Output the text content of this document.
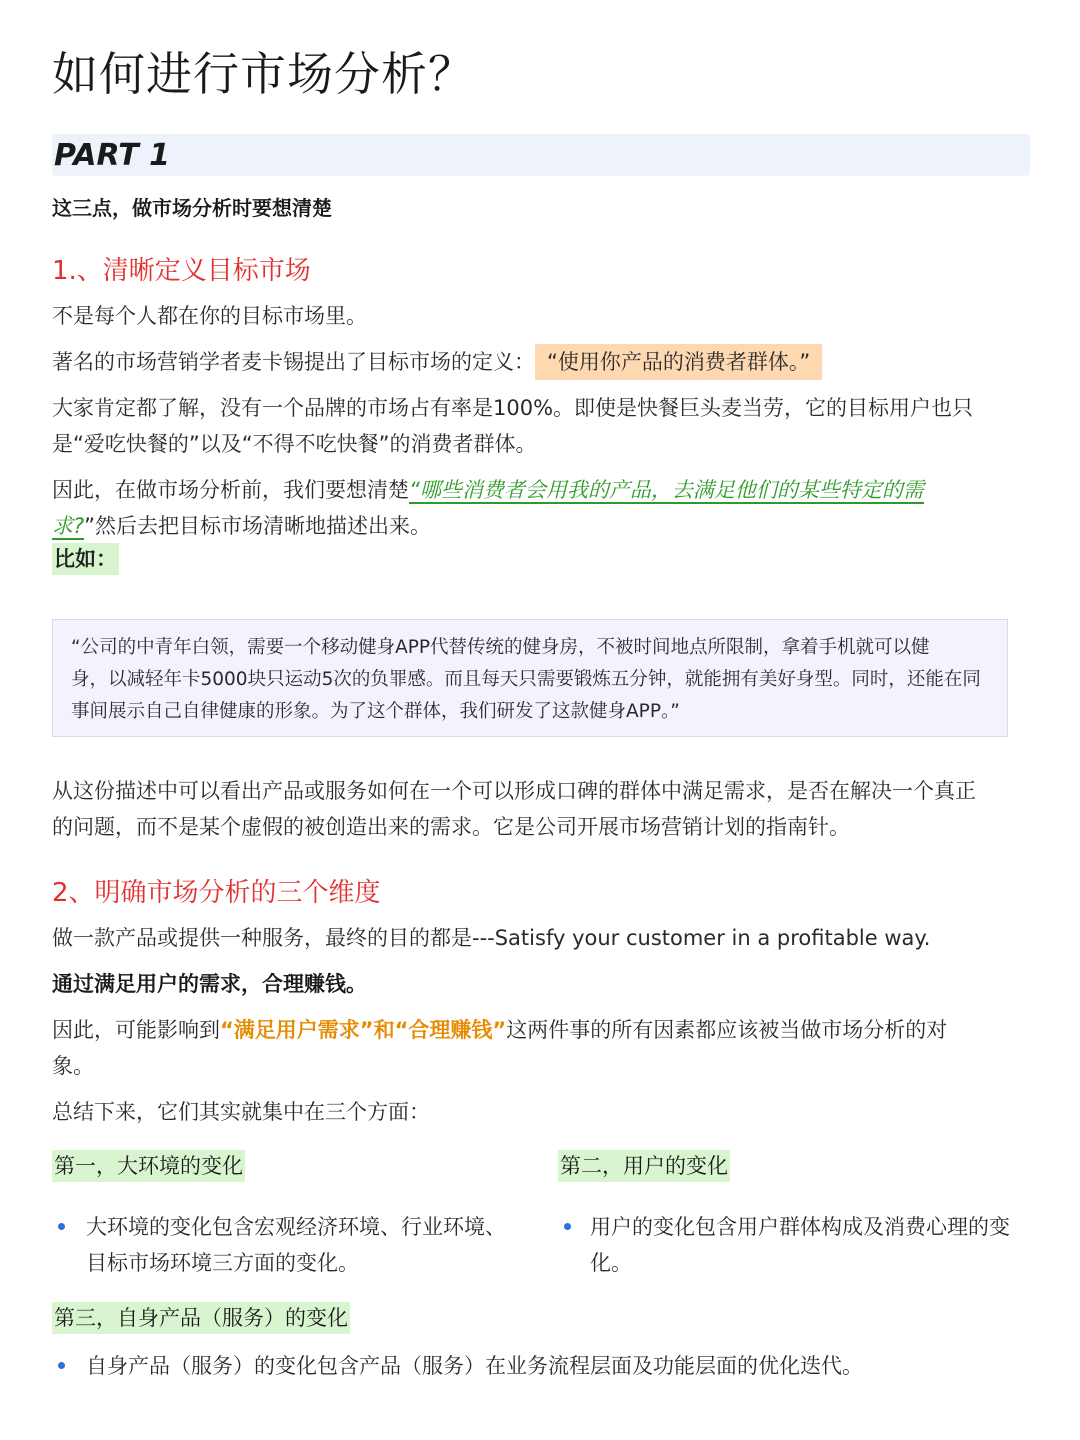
如何进行市场分析？
PART 1
这三点，做市场分析时要想清楚
1.、清晰定义目标市场
不是每个人都在你的目标市场里。
著名的市场营销学者麦卡锡提出了目标市场的定义： “使用你产品的消费者群体。”
大家肯定都了解，没有一个品牌的市场占有率是100%。即使是快餐巨头麦当劳，它的目标用户也只
是“爱吃快餐的”以及“不得不吃快餐”的消费者群体。
因此，在做市场分析前，我们要想清楚“哪些消费者会用我的产品，去满足他们的某些特定的需
求?”然后去把目标市场清晰地描述出来。
比如：
“公司的中青年白领，需要一个移动健身APP代替传统的健身房，不被时间地点所限制，拿着手机就可以健
身，以减轻年卡5000块只运动5次的负罪感。而且每天只需要锻炼五分钟，就能拥有美好身型。同时，还能在同
事间展示自己自律健康的形象。为了这个群体，我们研发了这款健身APP。”
从这份描述中可以看出产品或服务如何在一个可以形成口碑的群体中满足需求，是否在解决一个真正
的问题，而不是某个虚假的被创造出来的需求。它是公司开展市场营销计划的指南针。
2、明确市场分析的三个维度
做一款产品或提供一种服务，最终的目的都是---Satisfy your customer in a profitable way.
通过满足用户的需求，合理赚钱。
因此，可能影响到“满足用户需求”和“合理赚钱”这两件事的所有因素都应该被当做市场分析的对
象。
总结下来，它们其实就集中在三个方面：
第一，大环境的变化
大环境的变化包含宏观经济环境、行业环境、
目标市场环境三方面的变化。
第二，用户的变化
用户的变化包含用户群体构成及消费心理的变
化。
第三，自身产品（服务）的变化
自身产品（服务）的变化包含产品（服务）在业务流程层面及功能层面的优化迭代。
